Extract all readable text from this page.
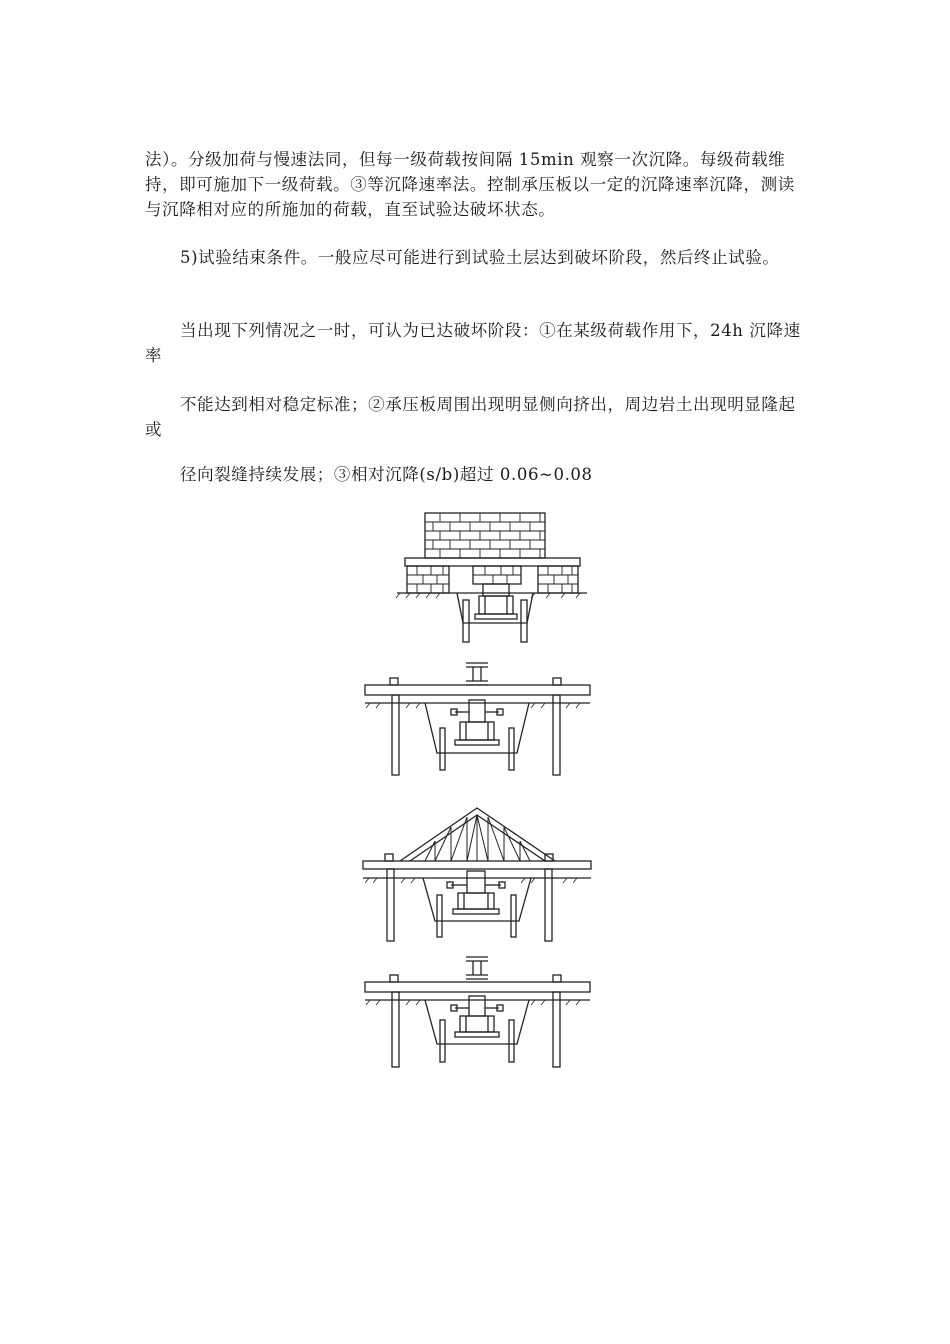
法）。分级加荷与慢速法同，但每一级荷载按间隔 15min 观察一次沉降。每级荷载维持，即可施加下一级荷载。③等沉降速率法。控制承压板以一定的沉降速率沉降，测读与沉降相对应的所施加的荷载，直至试验达破坏状态。

5)试验结束条件。一般应尽可能进行到试验土层达到破坏阶段，然后终止试验。

当出现下列情况之一时，可认为已达破坏阶段：①在某级荷载作用下，24h 沉降速率

不能达到相对稳定标准；②承压板周围出现明显侧向挤出，周边岩土出现明显隆起或

径向裂缝持续发展；③相对沉降(s/b)超过 0.06~0.08
